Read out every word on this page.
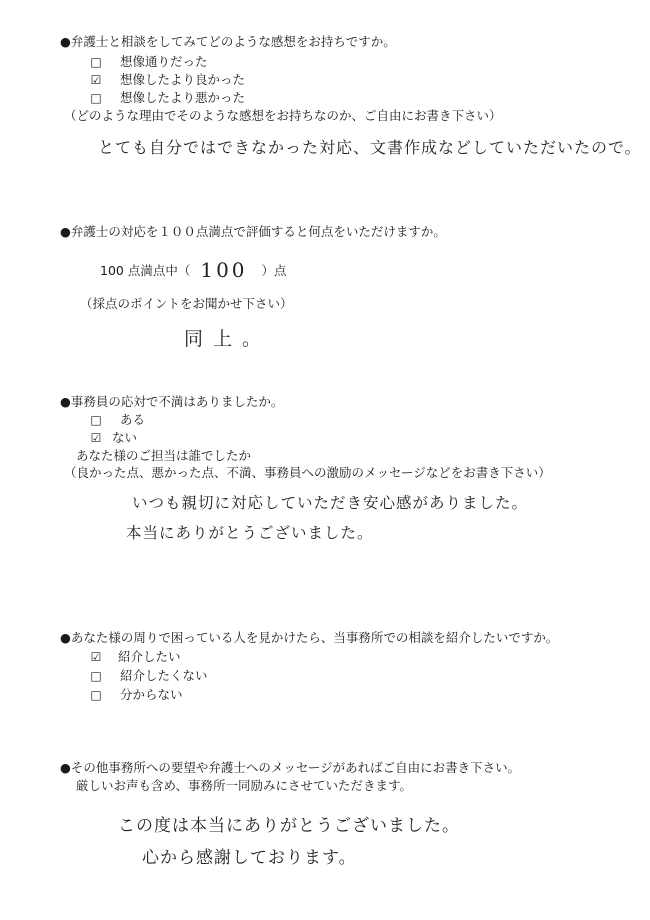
●弁護士と相談をしてみてどのような感想をお持ちですか。
□ 想像通りだった
☑ 想像したより良かった
□ 想像したより悪かった
（どのような理由でそのような感想をお持ちなのか、ご自由にお書き下さい）
とても自分ではできなかった対応、文書作成などしていただいたので。
●弁護士の対応を１００点満点で評価すると何点をいただけますか。
100 点満点中（ 100 ）点
（採点のポイントをお聞かせ下さい）
同上。
●事務員の応対で不満はありましたか。
□ ある
☑ ない
あなた様のご担当は誰でしたか
（良かった点、悪かった点、不満、事務員への激励のメッセージなどをお書き下さい）
いつも親切に対応していただき安心感がありました。
本当にありがとうございました。
●あなた様の周りで困っている人を見かけたら、当事務所での相談を紹介したいですか。
☑ 紹介したい
□ 紹介したくない
□ 分からない
●その他事務所への要望や弁護士へのメッセージがあればご自由にお書き下さい。
厳しいお声も含め、事務所一同励みにさせていただきます。
この度は本当にありがとうございました。
心から感謝しております。
